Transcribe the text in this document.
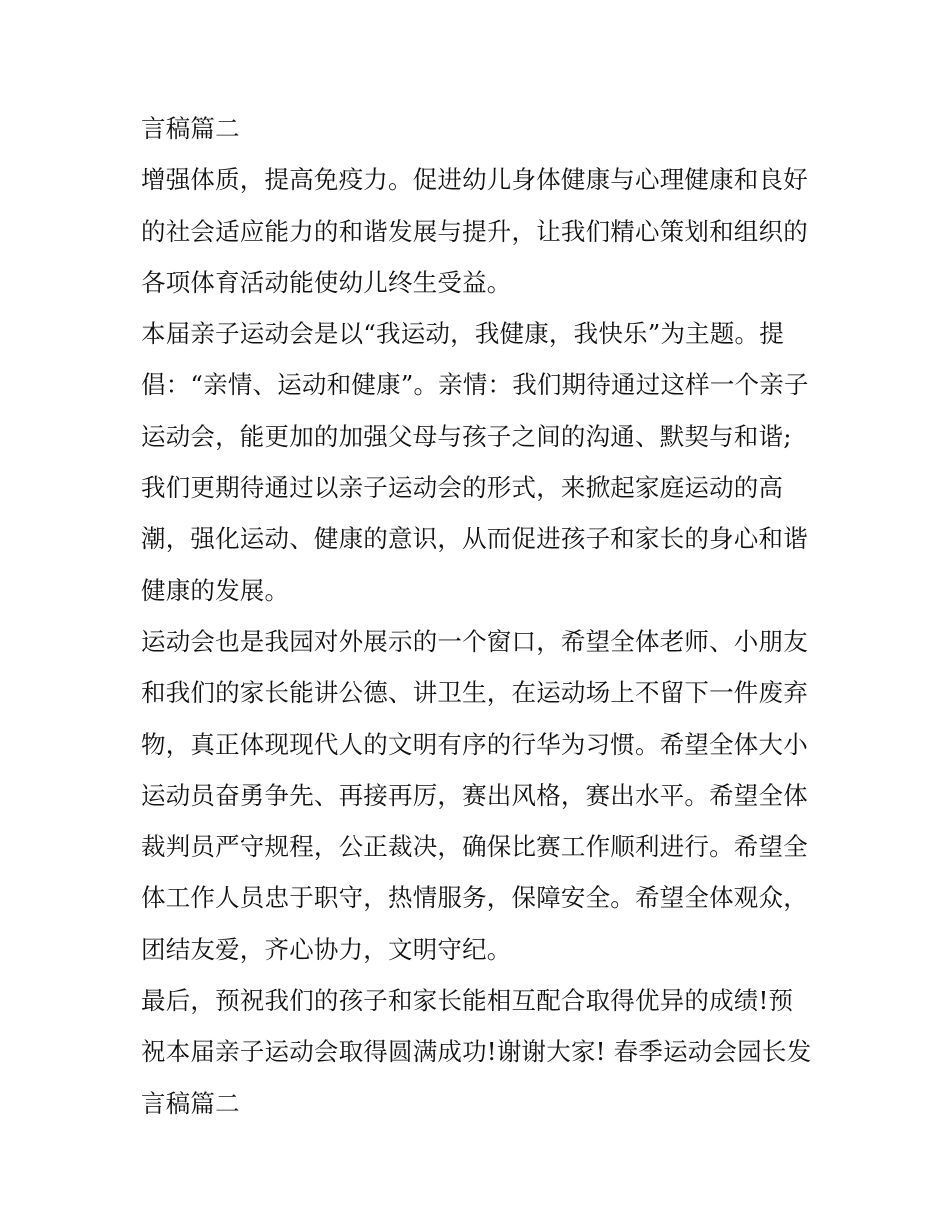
言稿篇二
增强体质，提高免疫力。促进幼儿身体健康与心理健康和良好
的社会适应能力的和谐发展与提升，让我们精心策划和组织的
各项体育活动能使幼儿终生受益。
本届亲子运动会是以“我运动，我健康，我快乐”为主题。提
倡：“亲情、运动和健康”。亲情：我们期待通过这样一个亲子
运动会，能更加的加强父母与孩子之间的沟通、默契与和谐;
我们更期待通过以亲子运动会的形式，来掀起家庭运动的高
潮，强化运动、健康的意识，从而促进孩子和家长的身心和谐
健康的发展。
运动会也是我园对外展示的一个窗口，希望全体老师、小朋友
和我们的家长能讲公德、讲卫生，在运动场上不留下一件废弃
物，真正体现现代人的文明有序的行华为习惯。希望全体大小
运动员奋勇争先、再接再厉，赛出风格，赛出水平。希望全体
裁判员严守规程，公正裁决，确保比赛工作顺利进行。希望全
体工作人员忠于职守，热情服务，保障安全。希望全体观众，
团结友爱，齐心协力，文明守纪。
最后，预祝我们的孩子和家长能相互配合取得优异的成绩!预
祝本届亲子运动会取得圆满成功!谢谢大家! 春季运动会园长发
言稿篇二
